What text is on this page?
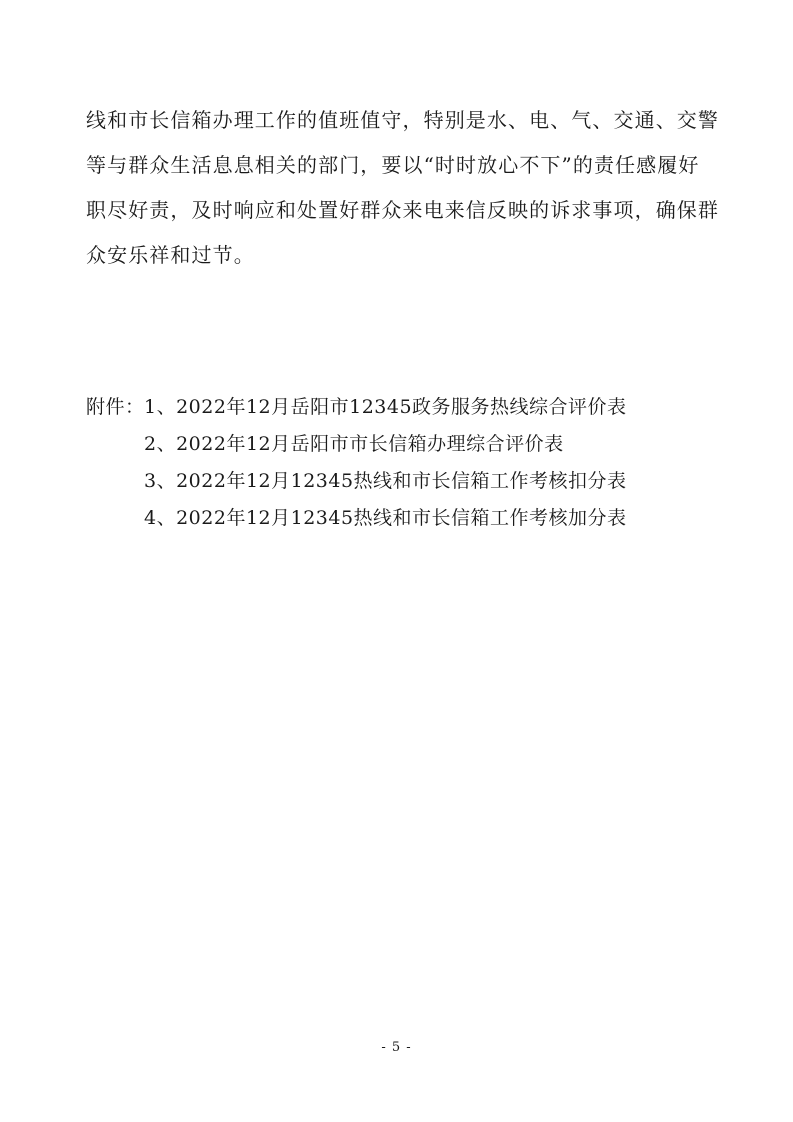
线和市长信箱办理工作的值班值守，特别是水、电、气、交通、交警
等与群众生活息息相关的部门，要以“时时放心不下”的责任感履好
职尽好责，及时响应和处置好群众来电来信反映的诉求事项，确保群
众安乐祥和过节。
附件：1、2022年12月岳阳市12345政务服务热线综合评价表
2、2022年12月岳阳市市长信箱办理综合评价表
3、2022年12月12345热线和市长信箱工作考核扣分表
4、2022年12月12345热线和市长信箱工作考核加分表
- 5 -
